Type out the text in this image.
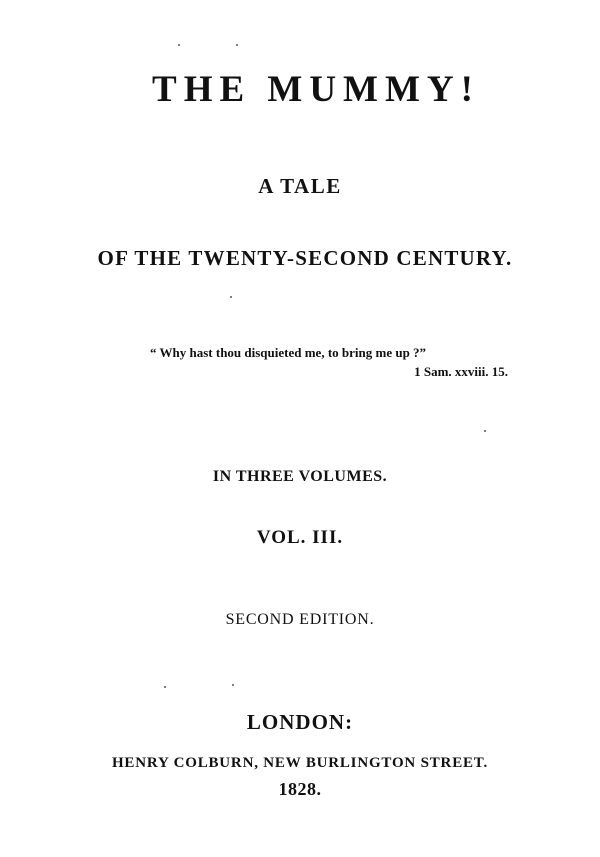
THE MUMMY!
A TALE
OF THE TWENTY-SECOND CENTURY.
“ Why hast thou disquieted me, to bring me up ?”
1 Sam. xxviii. 15.
IN THREE VOLUMES.
VOL. III.
SECOND EDITION.
LONDON:
HENRY COLBURN, NEW BURLINGTON STREET.
1828.
